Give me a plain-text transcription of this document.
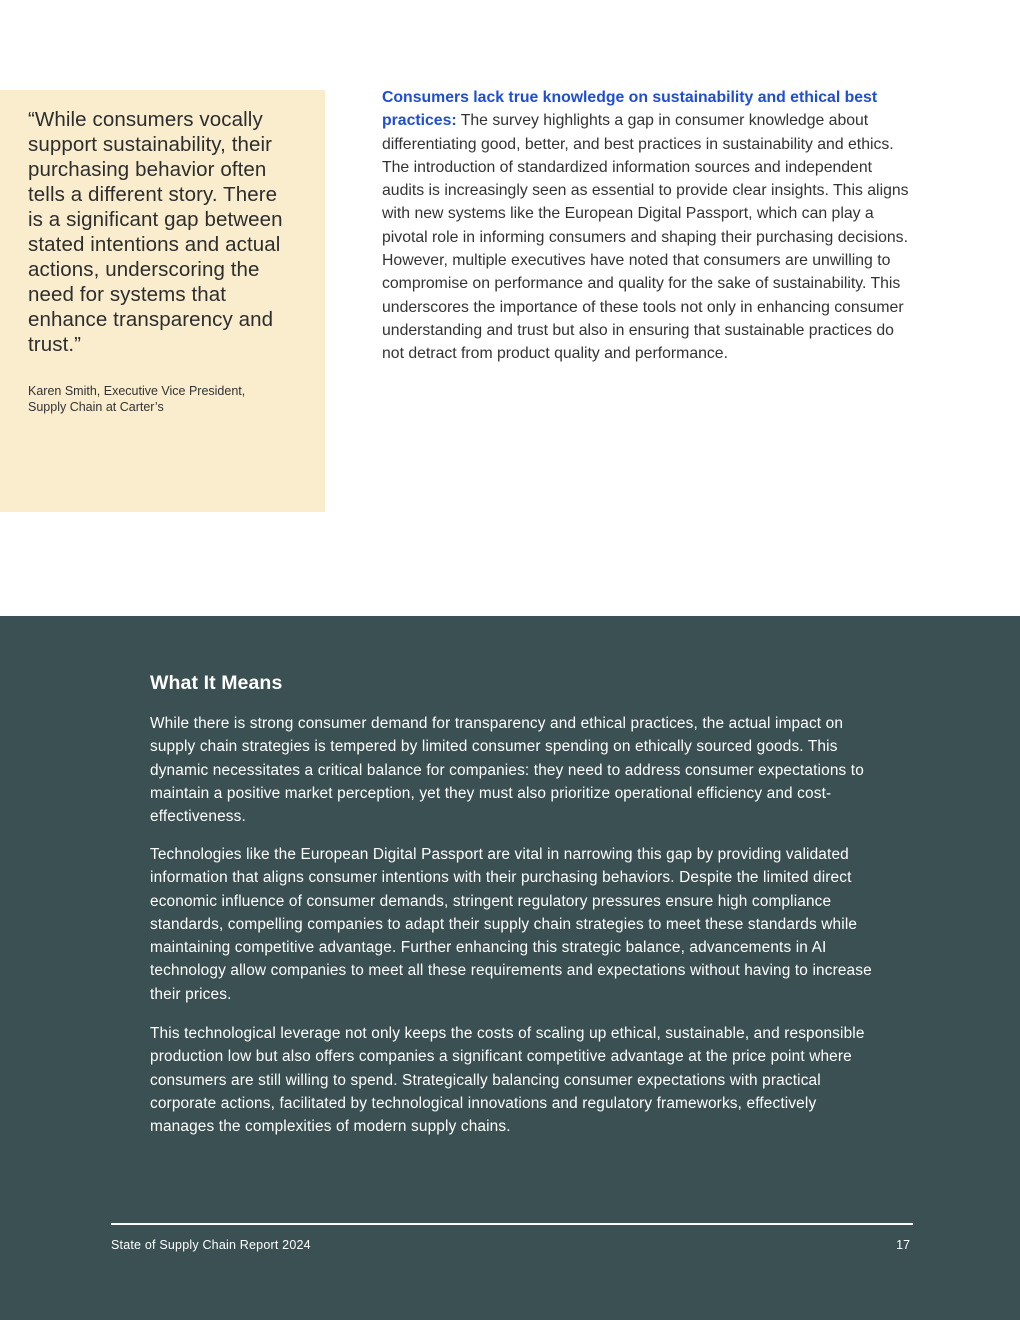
“While consumers vocally support sustainability, their purchasing behavior often tells a different story. There is a significant gap between stated intentions and actual actions, underscoring the need for systems that enhance transparency and trust.”

Karen Smith, Executive Vice President,
Supply Chain at Carter’s

Consumers lack true knowledge on sustainability and ethical best practices: The survey highlights a gap in consumer knowledge about differentiating good, better, and best practices in sustainability and ethics. The introduction of standardized information sources and independent audits is increasingly seen as essential to provide clear insights. This aligns with new systems like the European Digital Passport, which can play a pivotal role in informing consumers and shaping their purchasing decisions. However, multiple executives have noted that consumers are unwilling to compromise on performance and quality for the sake of sustainability. This underscores the importance of these tools not only in enhancing consumer understanding and trust but also in ensuring that sustainable practices do not detract from product quality and performance.

What It Means

While there is strong consumer demand for transparency and ethical practices, the actual impact on supply chain strategies is tempered by limited consumer spending on ethically sourced goods. This dynamic necessitates a critical balance for companies: they need to address consumer expectations to maintain a positive market perception, yet they must also prioritize operational efficiency and cost-effectiveness.

Technologies like the European Digital Passport are vital in narrowing this gap by providing validated information that aligns consumer intentions with their purchasing behaviors. Despite the limited direct economic influence of consumer demands, stringent regulatory pressures ensure high compliance standards, compelling companies to adapt their supply chain strategies to meet these standards while maintaining competitive advantage. Further enhancing this strategic balance, advancements in AI technology allow companies to meet all these requirements and expectations without having to increase their prices.

This technological leverage not only keeps the costs of scaling up ethical, sustainable, and responsible production low but also offers companies a significant competitive advantage at the price point where consumers are still willing to spend. Strategically balancing consumer expectations with practical corporate actions, facilitated by technological innovations and regulatory frameworks, effectively manages the complexities of modern supply chains.

State of Supply Chain Report 2024	17
